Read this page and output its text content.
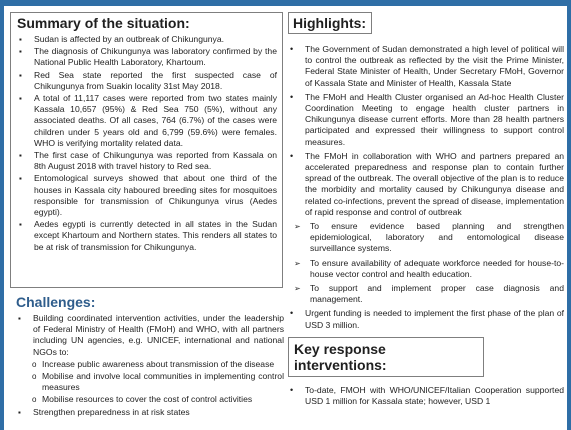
Summary of the situation:
▪ Sudan is affected by an outbreak of Chikungunya.
▪ The diagnosis of Chikungunya was laboratory confirmed by the National Public Health Laboratory, Khartoum.
▪ Red Sea state reported the first suspected case of Chikungunya from Suakin locality 31st May 2018.
▪ A total of 11,117 cases were reported from two states mainly Kassala 10,657 (95%) & Red Sea 750 (5%), without any associated deaths. Of all cases, 764 (6.7%) of the cases were children under 5 years old and 6,799 (59.6%) were females. WHO is verifying mortality related data.
▪ The first case of Chikungunya was reported from Kassala on 8th August 2018 with travel history to Red sea.
▪ Entomological surveys showed that about one third of the houses in Kassala city haboured breeding sites for mosquitoes responsible for transmission of Chikungunya virus (Aedes egypti).
▪ Aedes egypti is currently detected in all states in the Sudan except Khartoum and Northern states. This renders all states to be at risk of transmission for Chikungunya.
Challenges:
▪ Building coordinated intervention activities, under the leadership of Federal Ministry of Health (FMoH) and WHO, with all partners including UN agencies, e.g. UNICEF, international and national NGOs to:
o Increase public awareness about transmission of the disease
o Mobilise and involve local communities in implementing control measures
o Mobilise resources to cover the cost of control activities
▪ Strengthen preparedness in at risk states
Highlights:
• The Government of Sudan demonstrated a high level of political will to control the outbreak as reflected by the visit the Prime Minister, Federal State Minister of Health, Under Secretary FMoH, Governor of Kassala State and Minister of Health, Kassala State
• The FMoH and Health Cluster organised an Ad-hoc Health Cluster Coordination Meeting to engage health cluster partners in Chikungunya disease current efforts. More than 28 health partners participated and expressed their willingness to support control measures.
• The FMoH in collaboration with WHO and partners prepared an accelerated preparedness and response plan to contain further spread of the outbreak. The overall objective of the plan is to reduce the morbidity and mortality caused by Chikungunya disease and related co-infections, prevent the spread of disease, implementation of rapid response and control of outbreak
➢ To ensure evidence based planning and strengthen epidemiological, laboratory and entomological disease surveillance systems.
➢ To ensure availability of adequate workforce needed for house-to-house vector control and health education.
➢ To support and implement proper case diagnosis and management.
• Urgent funding is needed to implement the first phase of the plan of USD 3 million.
Key response interventions:
• To-date, FMOH with WHO/UNICEF/Italian Cooperation supported USD 1 million for Kassala state; however, USD 1
